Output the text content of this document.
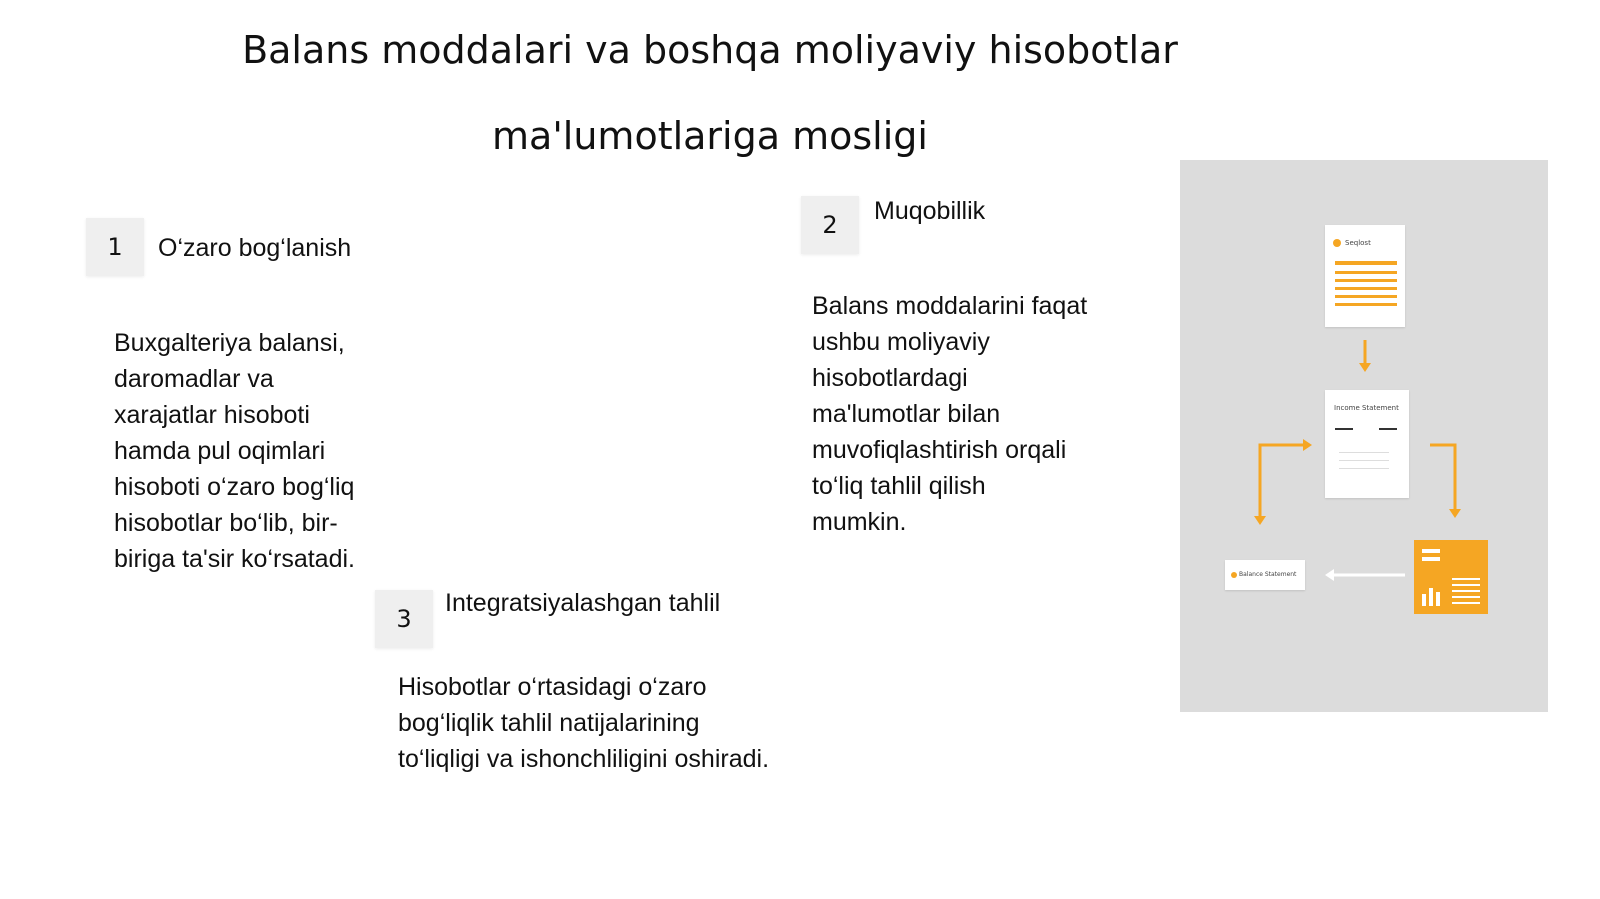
Balans moddalari va boshqa moliyaviy hisobotlar
ma'lumotlariga mosligi
1	O‘zaro bog‘lanish
Buxgalteriya balansi,
daromadlar va
xarajatlar hisoboti
hamda pul oqimlari
hisoboti o‘zaro bog‘liq
hisobotlar bo‘lib, bir-
biriga ta'sir ko‘rsatadi.
2	Muqobillik
Balans moddalarini faqat
ushbu moliyaviy
hisobotlardagi
ma'lumotlar bilan
muvofiqlashtirish orqali
to‘liq tahlil qilish
mumkin.
3
Integratsiyalashgan tahlil
Hisobotlar o‘rtasidagi o‘zaro
bog‘liqlik tahlil natijalarining
to‘liqligi va ishonchliligini oshiradi.
Seqlost
Income Statement
Balance Statement
